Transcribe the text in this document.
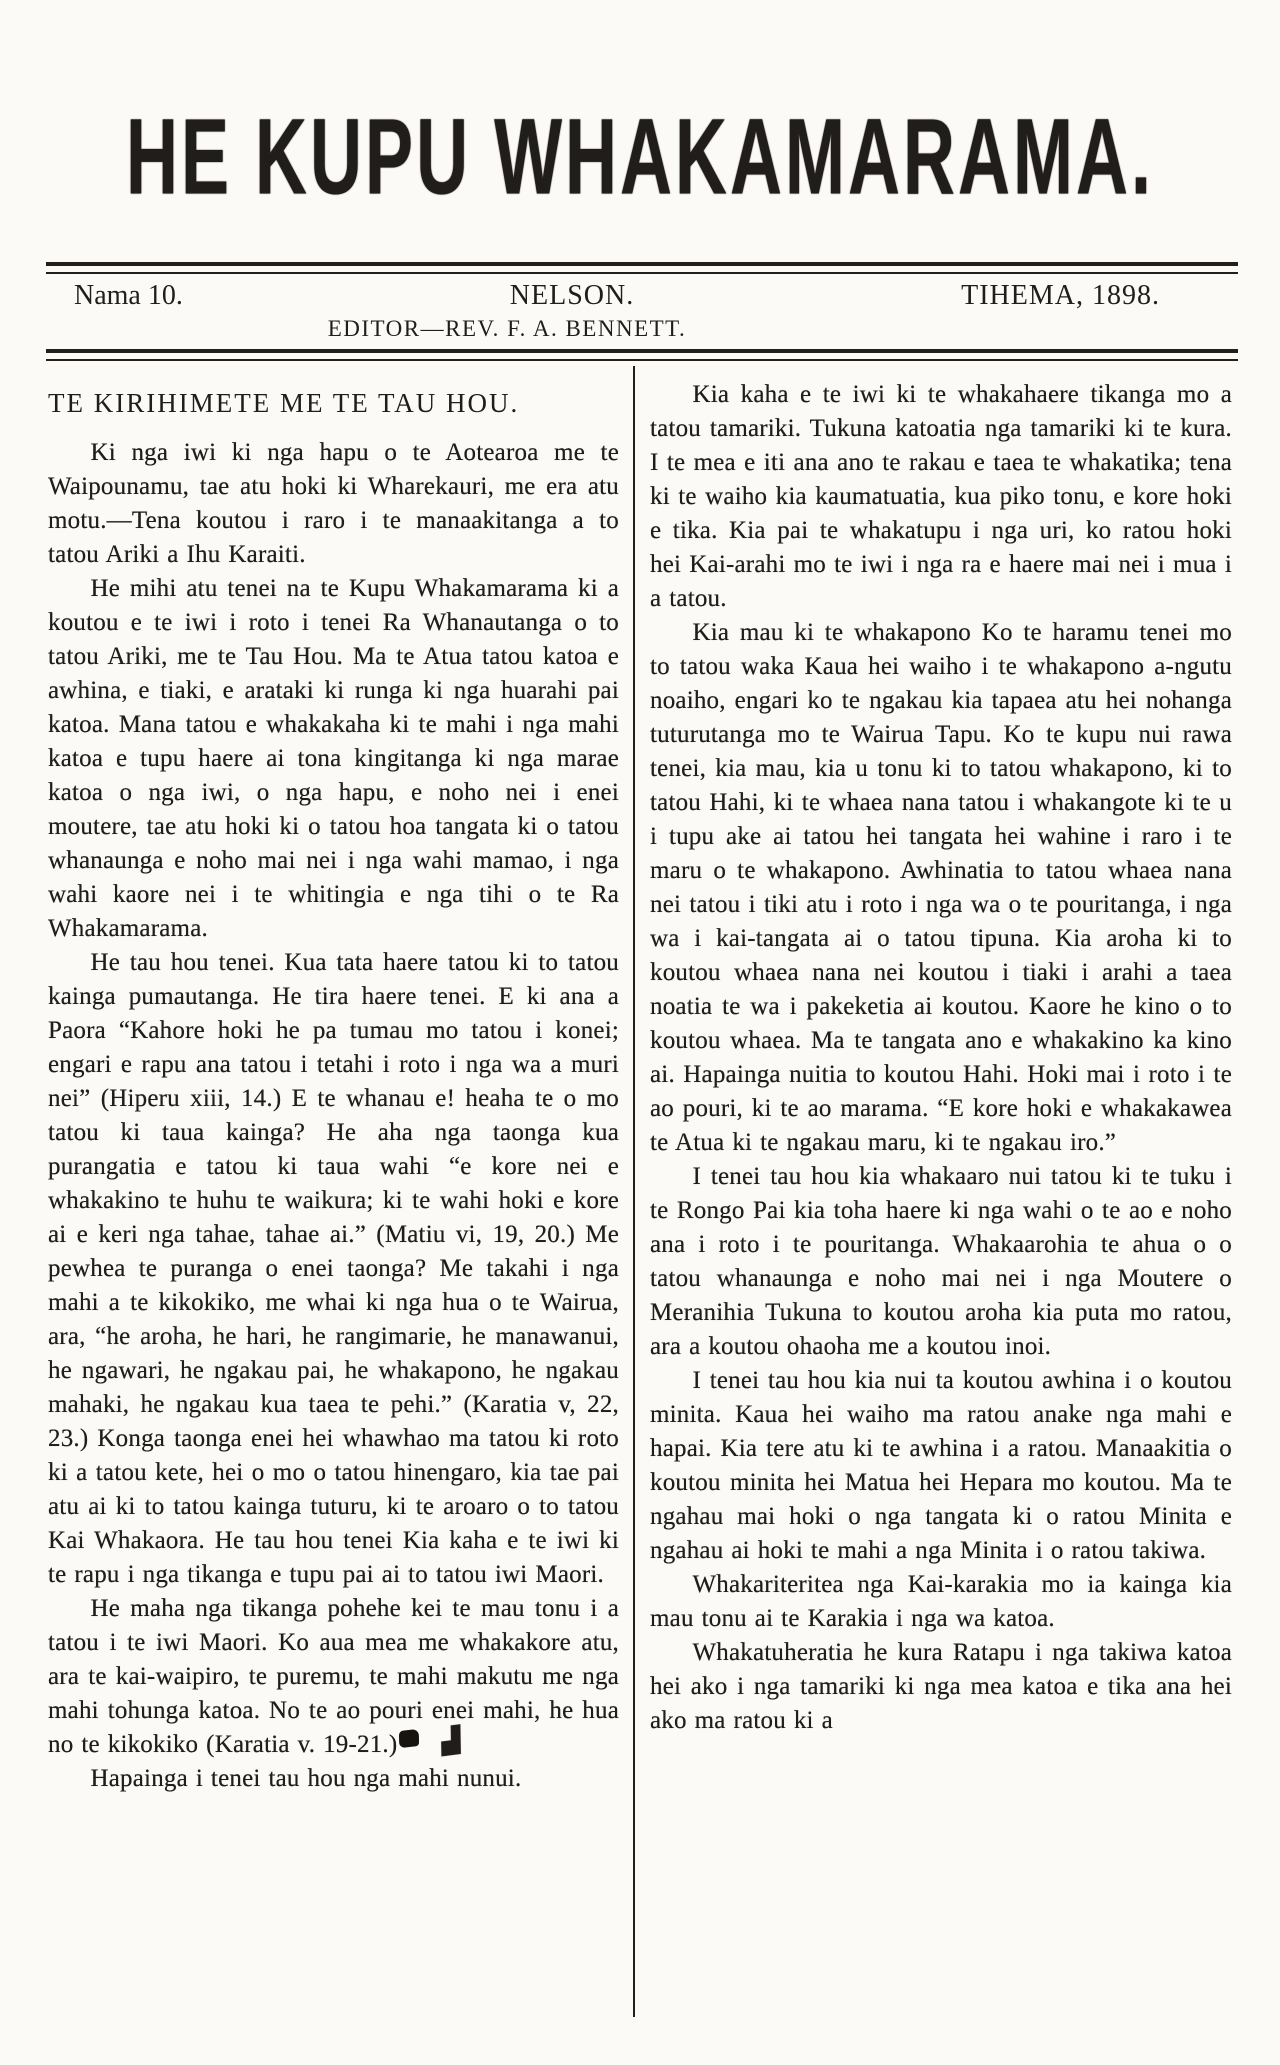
HE KUPU WHAKAMARAMA.
Nama 10.	NELSON.	TIHEMA, 1898.
EDITOR—REV. F. A. BENNETT.
TE KIRIHIMETE ME TE TAU HOU.

Ki nga iwi ki nga hapu o te Aotearoa me te Waipounamu, tae atu hoki ki Wharekauri, me era atu motu.—Tena koutou i raro i te manaakitanga a to tatou Ariki a Ihu Karaiti.

He mihi atu tenei na te Kupu Whakamarama ki a koutou e te iwi i roto i tenei Ra Whanautanga o to tatou Ariki, me te Tau Hou. Ma te Atua tatou katoa e awhina, e tiaki, e arataki ki runga ki nga huarahi pai katoa. Mana tatou e whakakaha ki te mahi i nga mahi katoa e tupu haere ai tona kingitanga ki nga marae katoa o nga iwi, o nga hapu, e noho nei i enei moutere, tae atu hoki ki o tatou hoa tangata ki o tatou whanaunga e noho mai nei i nga wahi mamao, i nga wahi kaore nei i te whitingia e nga tihi o te Ra Whakamarama.

He tau hou tenei. Kua tata haere tatou ki to tatou kainga pumautanga. He tira haere tenei. E ki ana a Paora “Kahore hoki he pa tumau mo tatou i konei; engari e rapu ana tatou i tetahi i roto i nga wa a muri nei” (Hiperu xiii, 14.) E te whanau e! heaha te o mo tatou ki taua kainga? He aha nga taonga kua purangatia e tatou ki taua wahi “e kore nei e whakakino te huhu te waikura; ki te wahi hoki e kore ai e keri nga tahae, tahae ai.” (Matiu vi, 19, 20.) Me pewhea te puranga o enei taonga? Me takahi i nga mahi a te kikokiko, me whai ki nga hua o te Wairua, ara, “he aroha, he hari, he rangimarie, he manawanui, he ngawari, he ngakau pai, he whakapono, he ngakau mahaki, he ngakau kua taea te pehi.” (Karatia v, 22, 23.) Konga taonga enei hei whawhao ma tatou ki roto ki a tatou kete, hei o mo o tatou hinengaro, kia tae pai atu ai ki to tatou kainga tuturu, ki te aroaro o to tatou Kai Whakaora. He tau hou tenei Kia kaha e te iwi ki te rapu i nga tikanga e tupu pai ai to tatou iwi Maori.

He maha nga tikanga pohehe kei te mau tonu i a tatou i te iwi Maori. Ko aua mea me whakakore atu, ara te kai-waipiro, te puremu, te mahi makutu me nga mahi tohunga katoa. No te ao pouri enei mahi, he hua no te kikokiko (Karatia v. 19-21.) ▟

Hapainga i tenei tau hou nga mahi nunui.

Kia kaha e te iwi ki te whakahaere tikanga mo a tatou tamariki. Tukuna katoatia nga tamariki ki te kura. I te mea e iti ana ano te rakau e taea te whakatika; tena ki te waiho kia kaumatuatia, kua piko tonu, e kore hoki e tika. Kia pai te whakatupu i nga uri, ko ratou hoki hei Kai-arahi mo te iwi i nga ra e haere mai nei i mua i a tatou.

Kia mau ki te whakapono Ko te haramu tenei mo to tatou waka Kaua hei waiho i te whakapono a-ngutu noaiho, engari ko te ngakau kia tapaea atu hei nohanga tuturutanga mo te Wairua Tapu. Ko te kupu nui rawa tenei, kia mau, kia u tonu ki to tatou whakapono, ki to tatou Hahi, ki te whaea nana tatou i whakangote ki te u i tupu ake ai tatou hei tangata hei wahine i raro i te maru o te whakapono. Awhinatia to tatou whaea nana nei tatou i tiki atu i roto i nga wa o te pouritanga, i nga wa i kai-tangata ai o tatou tipuna. Kia aroha ki to koutou whaea nana nei koutou i tiaki i arahi a taea noatia te wa i pakeketia ai koutou. Kaore he kino o to koutou whaea. Ma te tangata ano e whakakino ka kino ai. Hapainga nuitia to koutou Hahi. Hoki mai i roto i te ao pouri, ki te ao marama. “E kore hoki e whakakawea te Atua ki te ngakau maru, ki te ngakau iro.”

I tenei tau hou kia whakaaro nui tatou ki te tuku i te Rongo Pai kia toha haere ki nga wahi o te ao e noho ana i roto i te pouritanga. Whakaarohia te ahua o o tatou whanaunga e noho mai nei i nga Moutere o Meranihia Tukuna to koutou aroha kia puta mo ratou, ara a koutou ohaoha me a koutou inoi.

I tenei tau hou kia nui ta koutou awhina i o koutou minita. Kaua hei waiho ma ratou anake nga mahi e hapai. Kia tere atu ki te awhina i a ratou. Manaakitia o koutou minita hei Matua hei Hepara mo koutou. Ma te ngahau mai hoki o nga tangata ki o ratou Minita e ngahau ai hoki te mahi a nga Minita i o ratou takiwa.

Whakariteritea nga Kai-karakia mo ia kainga kia mau tonu ai te Karakia i nga wa katoa.

Whakatuheratia he kura Ratapu i nga takiwa katoa hei ako i nga tamariki ki nga mea katoa e tika ana hei ako ma ratou ki a
